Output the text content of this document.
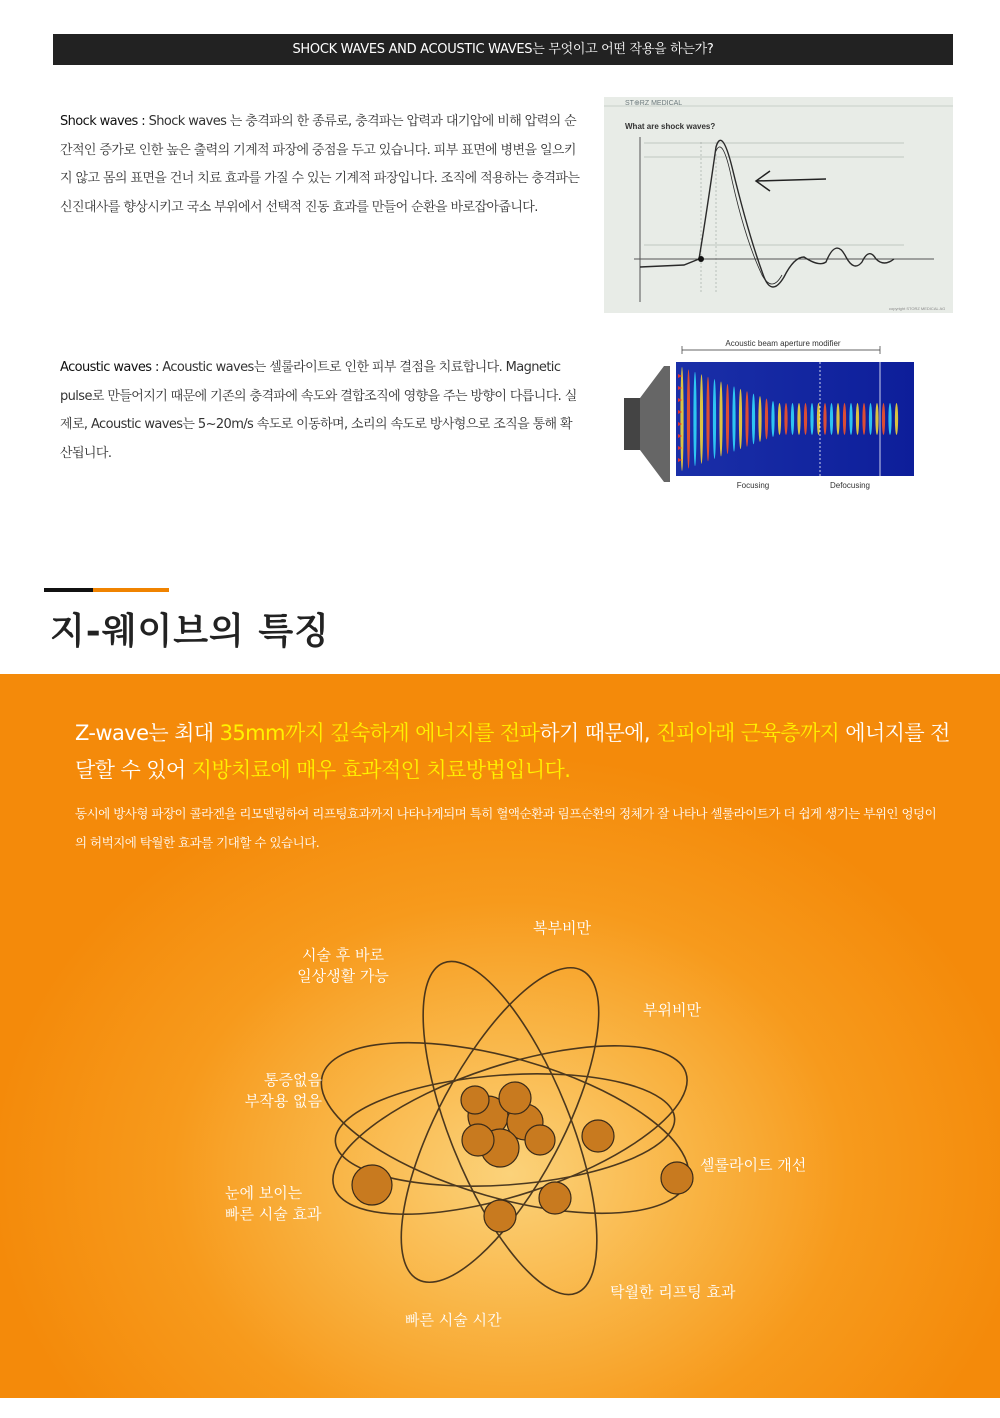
SHOCK WAVES AND ACOUSTIC WAVES는 무엇이고 어떤 작용을 하는가?

Shock waves : Shock waves 는 충격파의 한 종류로, 충격파는 압력과 대기압에 비해 압력의 순간적인 증가로 인한 높은 출력의 기계적 파장에 중점을 두고 있습니다. 피부 표면에 병변을 일으키지 않고 몸의 표면을 건너 치료 효과를 가질 수 있는 기계적 파장입니다. 조직에 적용하는 충격파는 신진대사를 향상시키고 국소 부위에서 선택적 진동 효과를 만들어 순환을 바로잡아줍니다.

ST⊕RZ MEDICAL
What are shock waves?
copyright STORZ MEDICAL AG

Acoustic waves : Acoustic waves는 셀룰라이트로 인한 피부 결점을 치료합니다. Magnetic pulse로 만들어지기 때문에 기존의 충격파에 속도와 결합조직에 영향을 주는 방향이 다릅니다. 실제로, Acoustic waves는 5~20m/s 속도로 이동하며, 소리의 속도로 방사형으로 조직을 통해 확산됩니다.

Acoustic beam aperture modifier
Focusing	Defocusing
지-웨이브의 특징

Z-wave는 최대 35mm까지 깊숙하게 에너지를 전파하기 때문에, 진피아래 근육층까지 에너지를 전달할 수 있어 지방치료에 매우 효과적인 치료방법입니다.

동시에 방사형 파장이 콜라겐을 리모델링하여 리프팅효과까지 나타나게되며 특히 혈액순환과 림프순환의 정체가 잘 나타나 셀룰라이트가 더 쉽게 생기는 부위인 엉덩이의 허벅지에 탁월한 효과를 기대할 수 있습니다.

복부비만
시술 후 바로
일상생활 가능
부위비만
통증없음
부작용 없음
셀룰라이트 개선
눈에 보이는
빠른 시술 효과
탁월한 리프팅 효과
빠른 시술 시간
